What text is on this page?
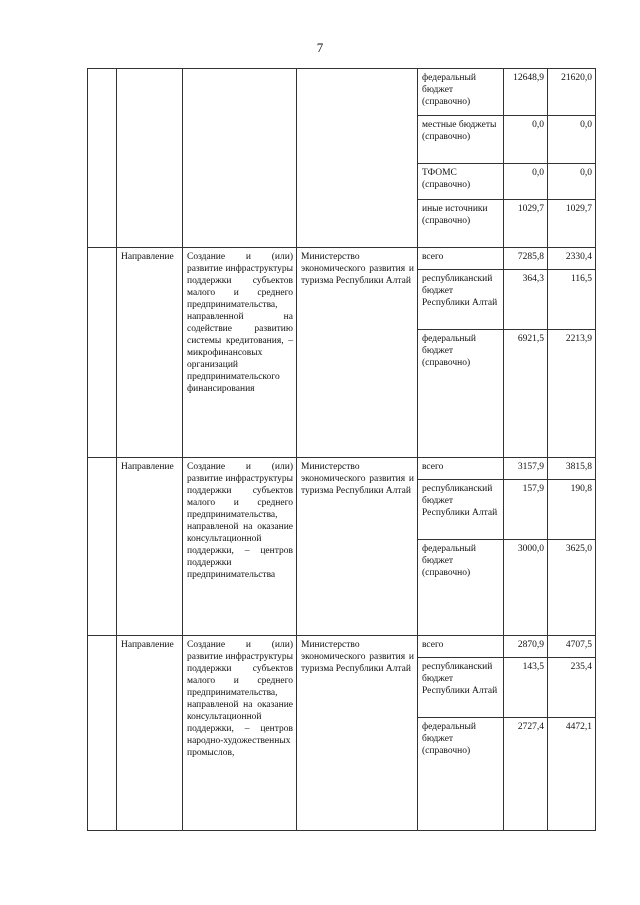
7
				федеральный бюджет (справочно)	12648,9	21620,0
				местные бюджеты (справочно)	0,0	0,0
				ТФОМС (справочно)	0,0	0,0
				иные источники (справочно)	1029,7	1029,7
	Направление	Создание и (или) развитие инфраструктуры поддержки субъектов малого и среднего предпринимательства, направленной на содействие развитию системы кредитования, – микрофинансовых организаций предпринимательского финансирования	Министерство экономического развития и туризма Республики Алтай	всего	7285,8	2330,4
				республиканский бюджет Республики Алтай	364,3	116,5
				федеральный бюджет (справочно)	6921,5	2213,9
	Направление	Создание и (или) развитие инфраструктуры поддержки субъектов малого и среднего предпринимательства, направленой на оказание консультационной поддержки, – центров поддержки предпринимательства	Министерство экономического развития и туризма Республики Алтай	всего	3157,9	3815,8
				республиканский бюджет Республики Алтай	157,9	190,8
				федеральный бюджет (справочно)	3000,0	3625,0
	Направление	Создание и (или) развитие инфраструктуры поддержки субъектов малого и среднего предпринимательства, направленой на оказание консультационной поддержки, – центров народно-художественных промыслов,	Министерство экономического развития и туризма Республики Алтай	всего	2870,9	4707,5
				республиканский бюджет Республики Алтай	143,5	235,4
				федеральный бюджет (справочно)	2727,4	4472,1
